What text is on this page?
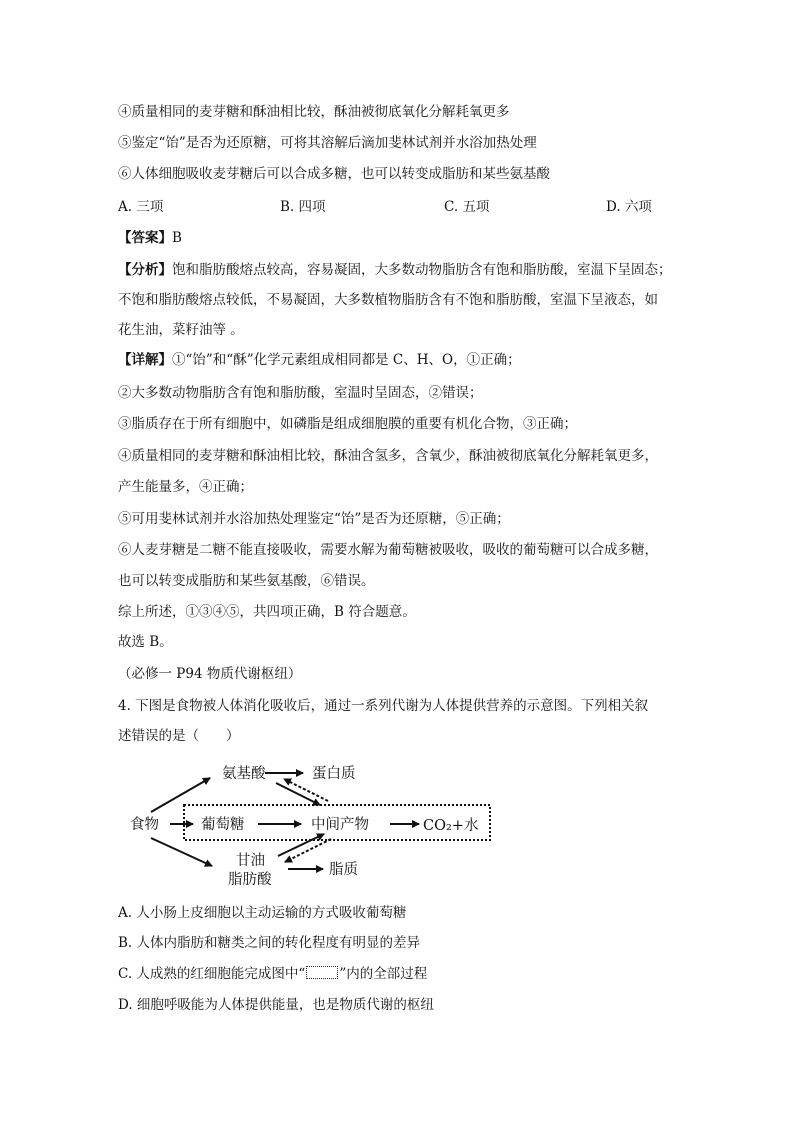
④质量相同的麦芽糖和酥油相比较，酥油被彻底氧化分解耗氧更多
⑤鉴定“饴”是否为还原糖，可将其溶解后滴加斐林试剂并水浴加热处理
⑥人体细胞吸收麦芽糖后可以合成多糖，也可以转变成脂肪和某些氨基酸
A. 三项	B. 四项	C. 五项	D. 六项
【答案】B
【分析】饱和脂肪酸熔点较高，容易凝固，大多数动物脂肪含有饱和脂肪酸，室温下呈固态；
不饱和脂肪酸熔点较低，不易凝固，大多数植物脂肪含有不饱和脂肪酸，室温下呈液态，如
花生油，菜籽油等 。
【详解】①“饴”和“酥”化学元素组成相同都是 C、H、O，①正确；
②大多数动物脂肪含有饱和脂肪酸，室温时呈固态，②错误；
③脂质存在于所有细胞中，如磷脂是组成细胞膜的重要有机化合物，③正确；
④质量相同的麦芽糖和酥油相比较，酥油含氢多，含氧少，酥油被彻底氧化分解耗氧更多，
产生能量多，④正确；
⑤可用斐林试剂并水浴加热处理鉴定“饴”是否为还原糖，⑤正确；
⑥人麦芽糖是二糖不能直接吸收，需要水解为葡萄糖被吸收，吸收的葡萄糖可以合成多糖，
也可以转变成脂肪和某些氨基酸，⑥错误。
综上所述，①③④⑤，共四项正确，B 符合题意。
故选 B。
（必修一 P94 物质代谢枢纽）
4. 下图是食物被人体消化吸收后，通过一系列代谢为人体提供营养的示意图。下列相关叙
述错误的是（　　）
食物
氨基酸	蛋白质
葡萄糖	中间产物	CO₂+水
甘油
脂肪酸
脂质
A. 人小肠上皮细胞以主动运输的方式吸收葡萄糖
B. 人体内脂肪和糖类之间的转化程度有明显的差异
C. 人成熟的红细胞能完成图中“	”内的全部过程
D. 细胞呼吸能为人体提供能量，也是物质代谢的枢纽
